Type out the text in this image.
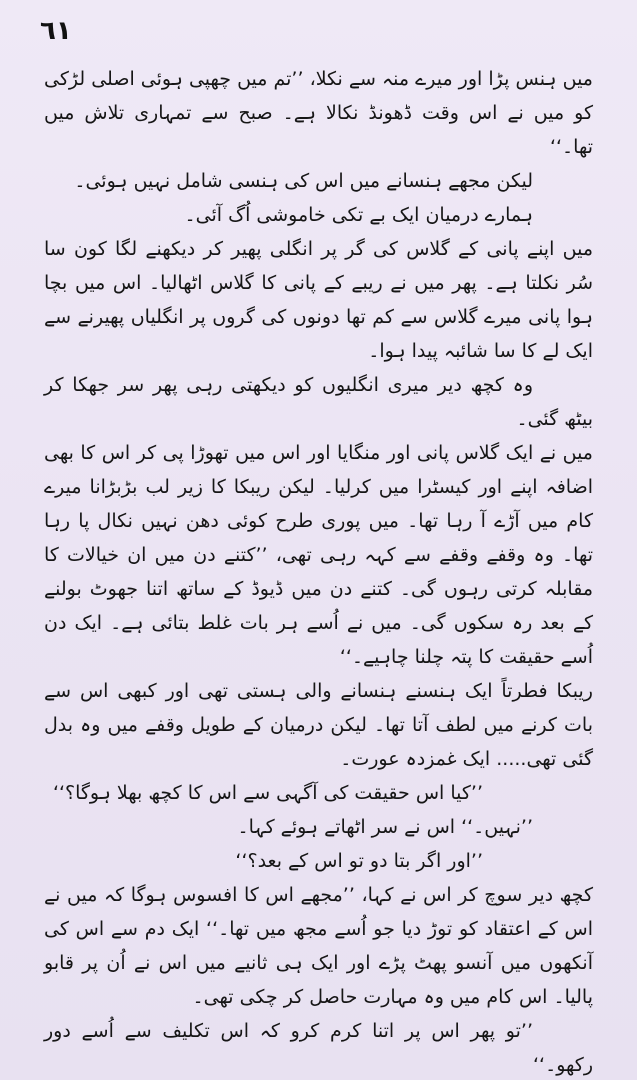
٦١

میں ہنس پڑا اور میرے منہ سے نکلا، ’’تم میں چھپی ہوئی اصلی لڑکی کو میں نے اس وقت ڈھونڈ نکالا ہے۔ صبح سے تمہاری تلاش میں تھا۔‘‘

لیکن مجھے ہنسانے میں اس کی ہنسی شامل نہیں ہوئی۔

ہمارے درمیان ایک بے تکی خاموشی اُگ آئی۔

میں اپنے پانی کے گلاس کی گر پر انگلی پھیر کر دیکھنے لگا کون سا سُر نکلتا ہے۔ پھر میں نے ریبے کے پانی کا گلاس اٹھالیا۔ اس میں بچا ہوا پانی میرے گلاس سے کم تھا دونوں کی گروں پر انگلیاں پھیرنے سے ایک لے کا سا شائبہ پیدا ہوا۔

وہ کچھ دیر میری انگلیوں کو دیکھتی رہی پھر سر جھکا کر بیٹھ گئی۔

میں نے ایک گلاس پانی اور منگایا اور اس میں تھوڑا پی کر اس کا بھی اضافہ اپنے اور کیسٹرا میں کرلیا۔ لیکن ریبکا کا زیر لب بڑبڑانا میرے کام میں آڑے آ رہا تھا۔ میں پوری طرح کوئی دھن نہیں نکال پا رہا تھا۔ وہ وقفے وقفے سے کہہ رہی تھی، ’’کتنے دن میں ان خیالات کا مقابلہ کرتی رہوں گی۔ کتنے دن میں ڈیوڈ کے ساتھ اتنا جھوٹ بولنے کے بعد رہ سکوں گی۔ میں نے اُسے ہر بات غلط بتائی ہے۔ ایک دن اُسے حقیقت کا پتہ چلنا چاہیے۔‘‘

ریبکا فطرتاً ایک ہنسنے ہنسانے والی ہستی تھی اور کبھی اس سے بات کرنے میں لطف آتا تھا۔ لیکن درمیان کے طویل وقفے میں وہ بدل گئی تھی..... ایک غمزدہ عورت۔

’’کیا اس حقیقت کی آگہی سے اس کا کچھ بھلا ہوگا؟‘‘

’’نہیں۔‘‘ اس نے سر اٹھاتے ہوئے کہا۔

’’اور اگر بتا دو تو اس کے بعد؟‘‘

کچھ دیر سوچ کر اس نے کہا، ’’مجھے اس کا افسوس ہوگا کہ میں نے اس کے اعتقاد کو توڑ دیا جو اُسے مجھ میں تھا۔‘‘ ایک دم سے اس کی آنکھوں میں آنسو پھٹ پڑے اور ایک ہی ثانیے میں اس نے اُن پر قابو پالیا۔ اس کام میں وہ مہارت حاصل کر چکی تھی۔

’’تو پھر اس پر اتنا کرم کرو کہ اس تکلیف سے اُسے دور رکھو۔‘‘
